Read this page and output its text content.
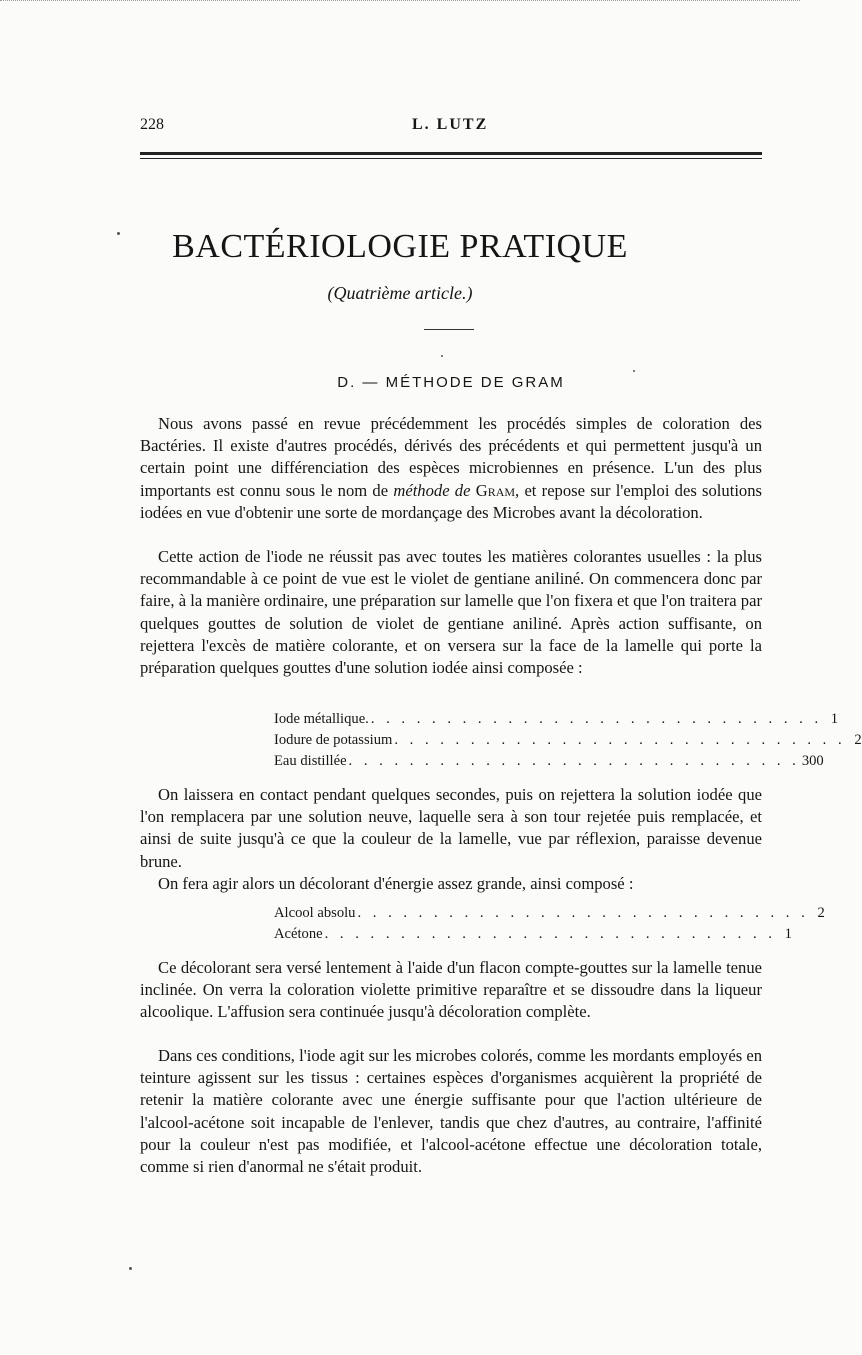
228	L. LUTZ
BACTÉRIOLOGIE PRATIQUE
(Quatrième article.)
D. — MÉTHODE DE GRAM

Nous avons passé en revue précédemment les procédés simples de coloration des Bactéries. Il existe d'autres procédés, dérivés des précédents et qui permettent jusqu'à un certain point une différenciation des espèces microbiennes en présence. L'un des plus importants est connu sous le nom de méthode de Gram, et repose sur l'emploi des solutions iodées en vue d'obtenir une sorte de mordançage des Microbes avant la décoloration.

Cette action de l'iode ne réussit pas avec toutes les matières colorantes usuelles : la plus recommandable à ce point de vue est le violet de gentiane aniliné. On commencera donc par faire, à la manière ordinaire, une préparation sur lamelle que l'on fixera et que l'on traitera par quelques gouttes de solution de violet de gentiane aniliné. Après action suffisante, on rejettera l'excès de matière colorante, et on versera sur la face de la lamelle qui porte la préparation quelques gouttes d'une solution iodée ainsi composée :

Iode métallique. . . . . . . . . . . . . . . . . . . . . . . . . . . . . . . 1
Iodure de potassium . . . . . . . . . . . . . . . . . . . . . . . . . . . . . . 2
Eau distillée . . . . . . . . . . . . . . . . . . . . . . . . . . . . . . 300

On laissera en contact pendant quelques secondes, puis on rejettera la solution iodée que l'on remplacera par une solution neuve, laquelle sera à son tour rejetée puis remplacée, et ainsi de suite jusqu'à ce que la couleur de la lamelle, vue par réflexion, paraisse devenue brune.

On fera agir alors un décolorant d'énergie assez grande, ainsi composé :

Alcool absolu . . . . . . . . . . . . . . . . . . . . . . . . . . . . . . 2
Acétone . . . . . . . . . . . . . . . . . . . . . . . . . . . . . . 1

Ce décolorant sera versé lentement à l'aide d'un flacon compte-gouttes sur la lamelle tenue inclinée. On verra la coloration violette primitive reparaître et se dissoudre dans la liqueur alcoolique. L'affusion sera continuée jusqu'à décoloration complète.

Dans ces conditions, l'iode agit sur les microbes colorés, comme les mordants employés en teinture agissent sur les tissus : certaines espèces d'organismes acquièrent la propriété de retenir la matière colorante avec une énergie suffisante pour que l'action ultérieure de l'alcool-acétone soit incapable de l'enlever, tandis que chez d'autres, au contraire, l'affinité pour la couleur n'est pas modifiée, et l'alcool-acétone effectue une décoloration totale, comme si rien d'anormal ne s'était produit.
